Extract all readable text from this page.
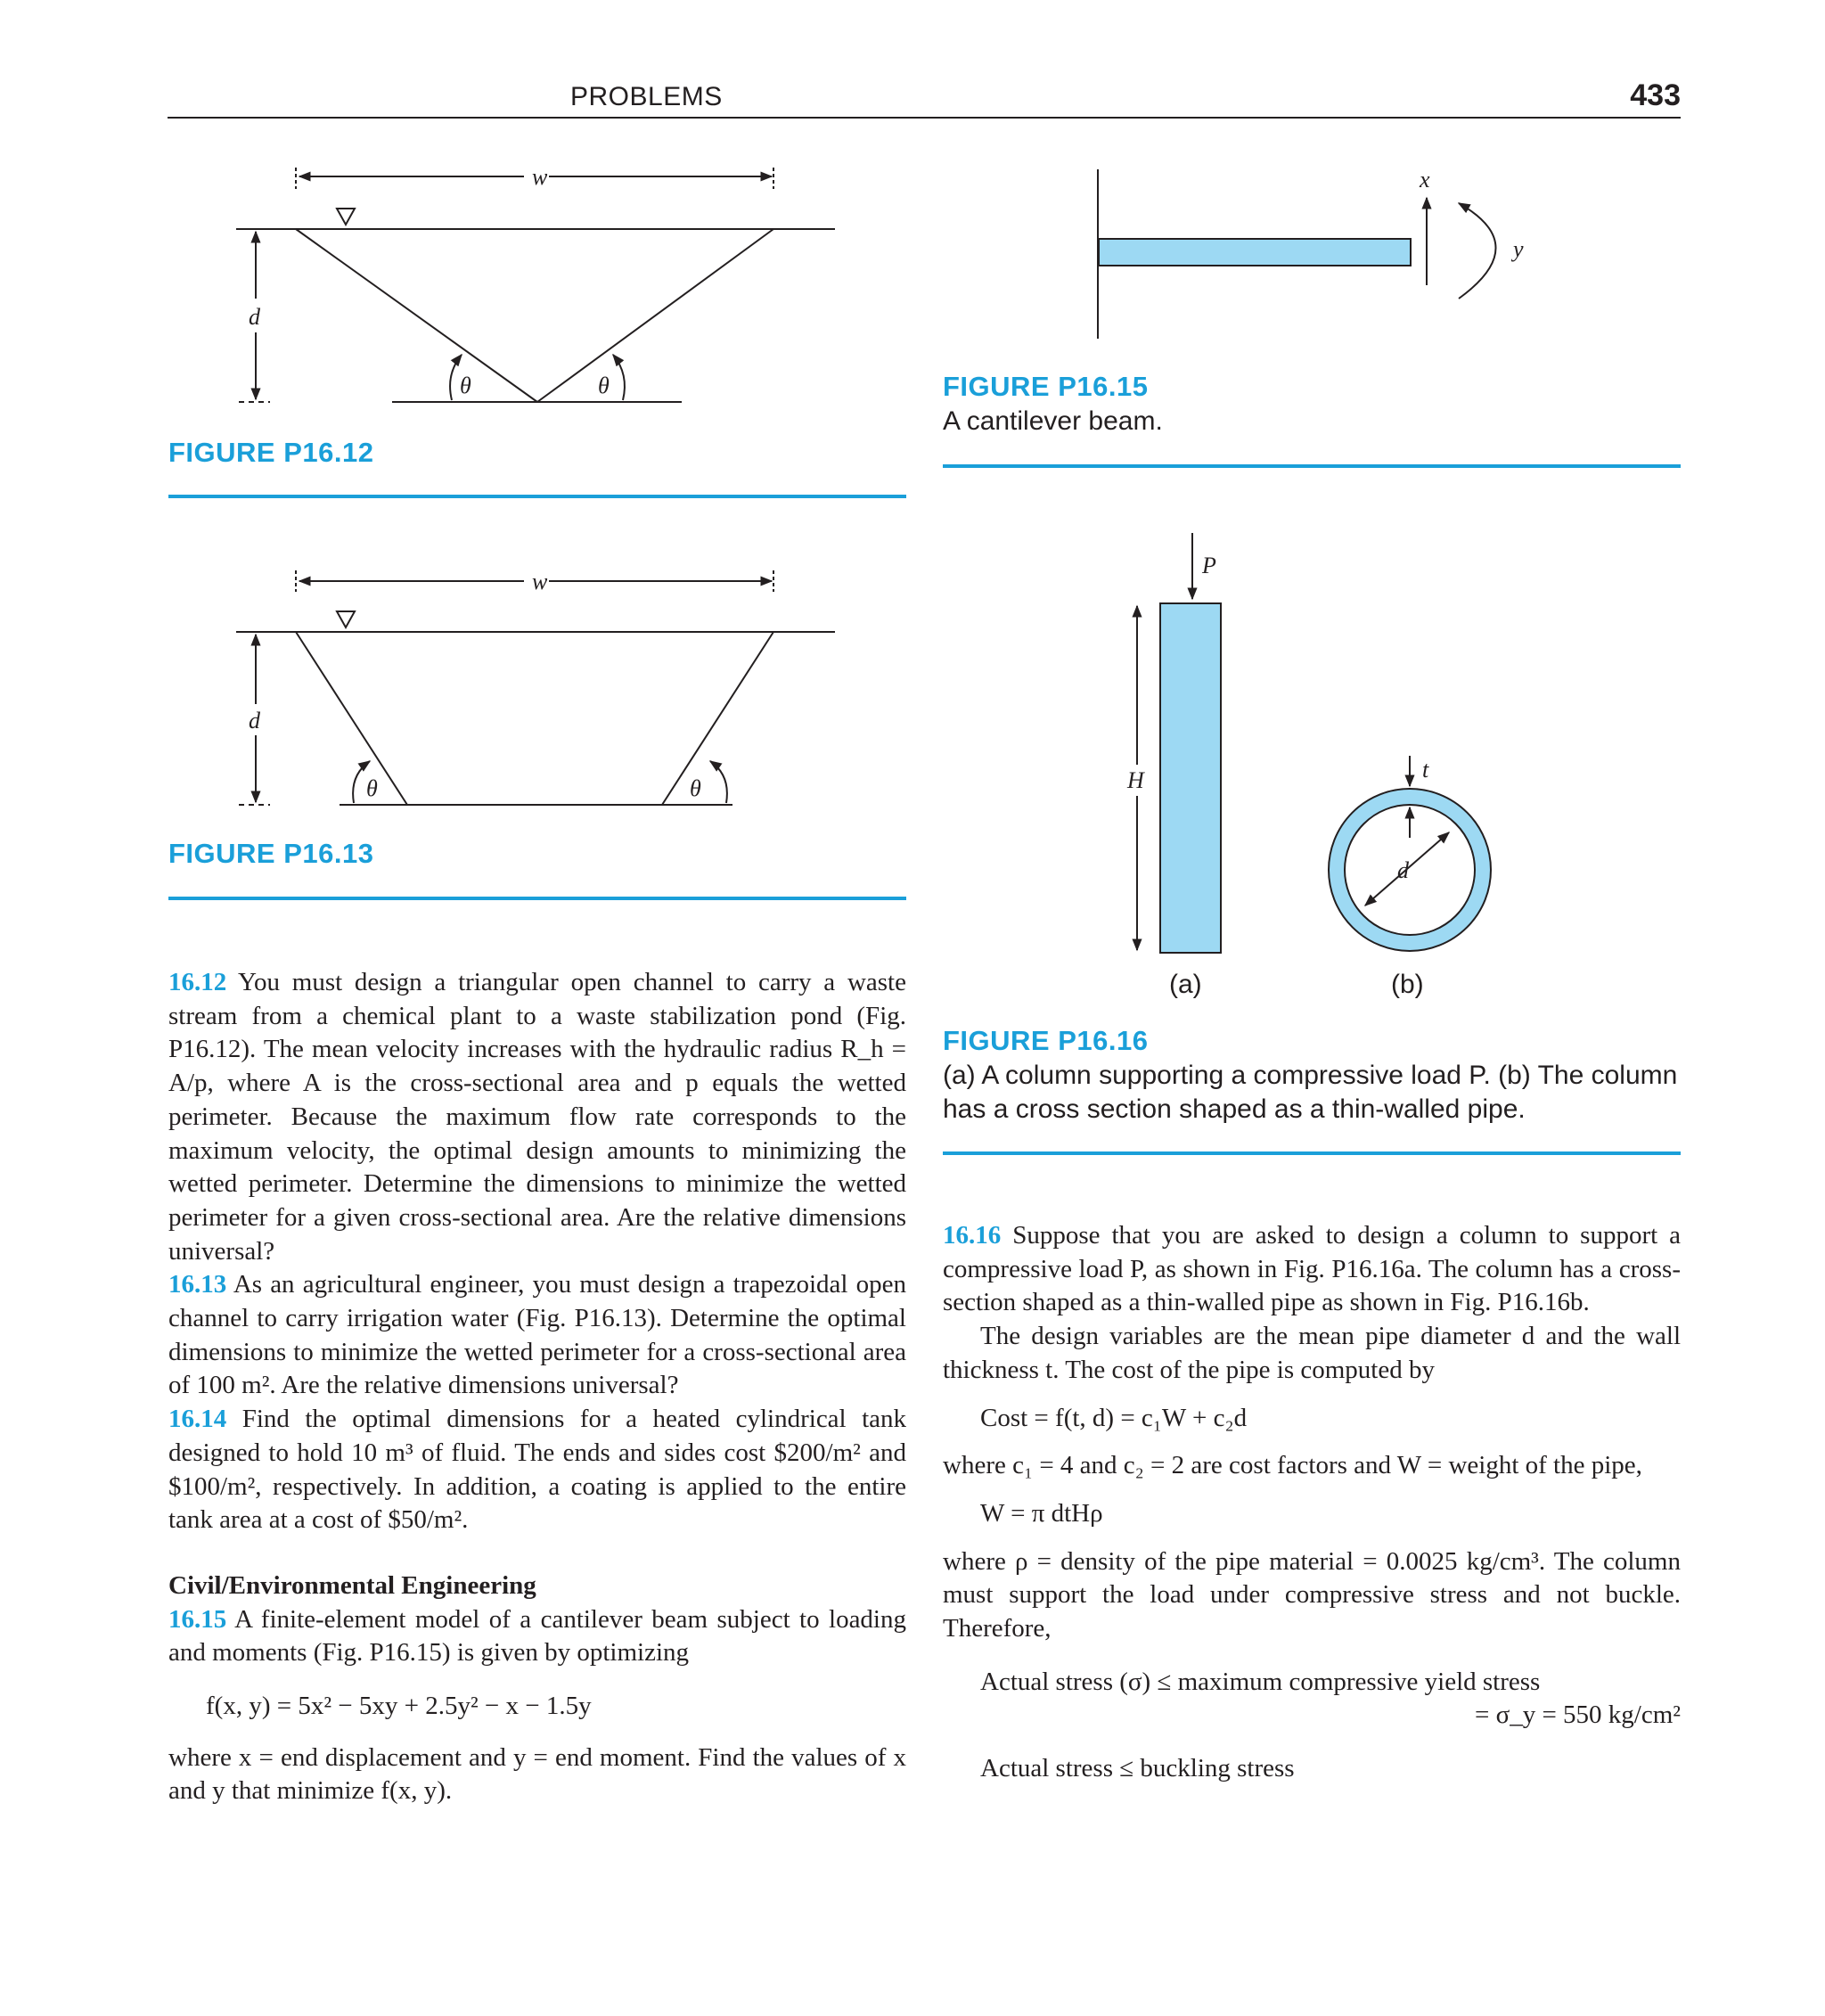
PROBLEMS	433
w
d
θ	θ
w
d
θ	θ
x
y
P
H	t
d
(a)	(b)
FIGURE P16.12
FIGURE P16.13
FIGURE P16.15
A cantilever beam.
FIGURE P16.16
(a) A column supporting a compressive load P. (b) The column
has a cross section shaped as a thin-walled pipe.

16.12 You must design a triangular open channel to carry a waste stream from a chemical plant to a waste stabilization pond (Fig. P16.12). The mean velocity increases with the hydraulic radius R_h = A/p, where A is the cross-sectional area and p equals the wetted perimeter. Because the maximum flow rate corresponds to the maximum velocity, the optimal design amounts to minimizing the wetted perimeter. Determine the dimensions to minimize the wetted perimeter for a given cross-sectional area. Are the relative dimensions universal?

16.13 As an agricultural engineer, you must design a trapezoidal open channel to carry irrigation water (Fig. P16.13). Determine the optimal dimensions to minimize the wetted perimeter for a cross-sectional area of 100 m². Are the relative dimensions universal?

16.14 Find the optimal dimensions for a heated cylindrical tank designed to hold 10 m³ of fluid. The ends and sides cost $200/m² and $100/m², respectively. In addition, a coating is applied to the entire tank area at a cost of $50/m².

Civil/Environmental Engineering

16.15 A finite-element model of a cantilever beam subject to loading and moments (Fig. P16.15) is given by optimizing

f(x, y) = 5x² − 5xy + 2.5y² − x − 1.5y

where x = end displacement and y = end moment. Find the values of x and y that minimize f(x, y).

16.16 Suppose that you are asked to design a column to support a compressive load P, as shown in Fig. P16.16a. The column has a cross-section shaped as a thin-walled pipe as shown in Fig. P16.16b.

The design variables are the mean pipe diameter d and the wall thickness t. The cost of the pipe is computed by

Cost = f(t, d) = c₁W + c₂d

where c₁ = 4 and c₂ = 2 are cost factors and W = weight of the pipe,

W = π dtHρ

where ρ = density of the pipe material = 0.0025 kg/cm³. The column must support the load under compressive stress and not buckle. Therefore,

Actual stress (σ) ≤ maximum compressive yield stress

= σ_y = 550 kg/cm²

Actual stress ≤ buckling stress
